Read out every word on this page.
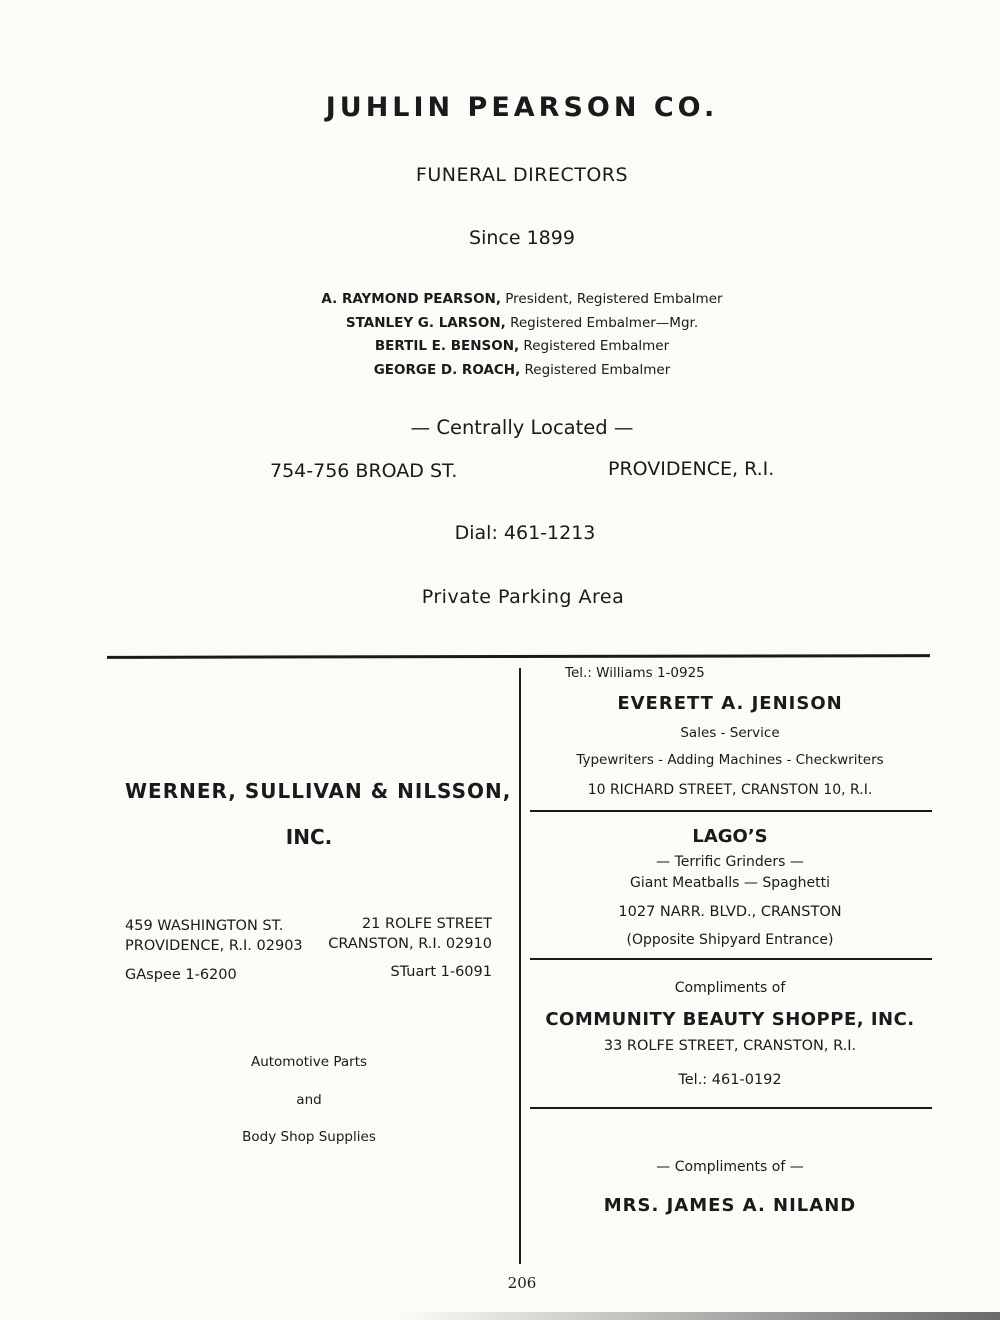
JUHLIN PEARSON CO.
FUNERAL DIRECTORS
Since 1899
A. RAYMOND PEARSON, President, Registered Embalmer
STANLEY G. LARSON, Registered Embalmer—Mgr.
BERTIL E. BENSON, Registered Embalmer
GEORGE D. ROACH, Registered Embalmer
— Centrally Located —
754-756 BROAD ST.	PROVIDENCE, R.I.
Dial: 461-1213
Private Parking Area
WERNER, SULLIVAN & NILSSON,
INC.
459 WASHINGTON ST.
PROVIDENCE, R.I. 02903
21 ROLFE STREET
CRANSTON, R.I. 02910
GAspee 1-6200	STuart 1-6091
Automotive Parts
and
Body Shop Supplies
Tel.: Williams 1-0925
EVERETT A. JENISON
Sales - Service
Typewriters - Adding Machines - Checkwriters
10 RICHARD STREET, CRANSTON 10, R.I.
LAGO’S
— Terrific Grinders —
Giant Meatballs — Spaghetti
1027 NARR. BLVD., CRANSTON
(Opposite Shipyard Entrance)
Compliments of
COMMUNITY BEAUTY SHOPPE, INC.
33 ROLFE STREET, CRANSTON, R.I.
Tel.: 461-0192
— Compliments of —
MRS. JAMES A. NILAND
206
